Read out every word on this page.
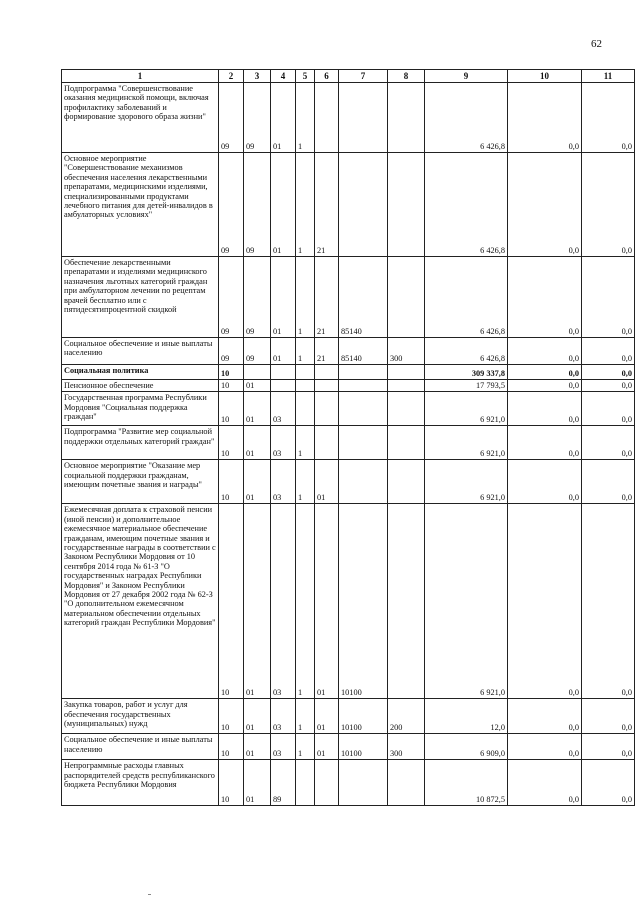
62
1	2	3	4	5	6	7	8	9	10	11
Подпрограмма "Совершенствование оказания медицинской помощи, включая профилактику заболеваний и формирование здорового образа жизни"	09	09	01	1				6 426,8	0,0	0,0
Основное мероприятие "Совершенствование механизмов обеспечения населения лекарственными препаратами, медицинскими изделиями, специализированными продуктами лечебного питания для детей-инвалидов в амбулаторных условиях"	09	09	01	1	21			6 426,8	0,0	0,0
Обеспечение лекарственными препаратами и изделиями медицинского назначения льготных категорий граждан при амбулаторном лечении по рецептам врачей бесплатно или с пятидесятипроцентной скидкой	09	09	01	1	21	85140		6 426,8	0,0	0,0
Социальное обеспечение и иные выплаты населению	09	09	01	1	21	85140	300	6 426,8	0,0	0,0
Социальная политика	10							309 337,8	0,0	0,0
Пенсионное обеспечение	10	01						17 793,5	0,0	0,0
Государственная программа Республики Мордовия "Социальная поддержка граждан"	10	01	03					6 921,0	0,0	0,0
Подпрограмма "Развитие мер социальной поддержки отдельных категорий граждан"	10	01	03	1				6 921,0	0,0	0,0
Основное мероприятие "Оказание мер социальной поддержки гражданам, имеющим почетные звания и награды"	10	01	03	1	01			6 921,0	0,0	0,0
Ежемесячная доплата к страховой пенсии (иной пенсии) и дополнительное ежемесячное материальное обеспечение гражданам, имеющим почетные звания и государственные награды в соответствии с Законом Республики Мордовия от 10 сентября 2014 года № 61-З "О государственных наградах Республики Мордовия" и Законом Республики Мордовия от 27 декабря 2002 года № 62-З "О дополнительном ежемесячном материальном обеспечении отдельных категорий граждан Республики Мордовия"	10	01	03	1	01	10100		6 921,0	0,0	0,0
Закупка товаров, работ и услуг для обеспечения государственных (муниципальных) нужд	10	01	03	1	01	10100	200	12,0	0,0	0,0
Социальное обеспечение и иные выплаты населению	10	01	03	1	01	10100	300	6 909,0	0,0	0,0
Непрограммные расходы главных распорядителей средств республиканского бюджета Республики Мордовия	10	01	89					10 872,5	0,0	0,0
